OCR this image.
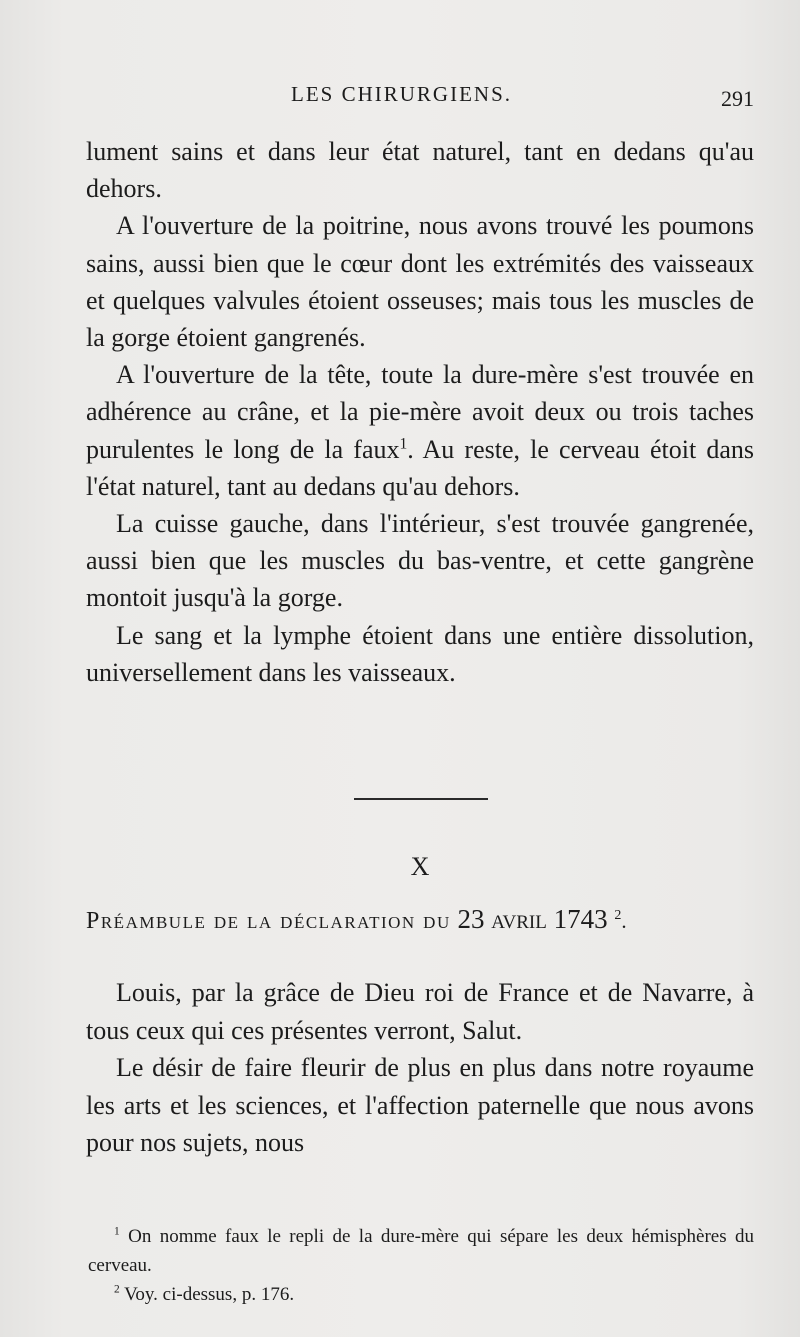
LES CHIRURGIENS.	291

lument sains et dans leur état naturel, tant en dedans qu'au dehors.

A l'ouverture de la poitrine, nous avons trouvé les poumons sains, aussi bien que le cœur dont les extrémités des vaisseaux et quelques valvules étoient osseuses; mais tous les muscles de la gorge étoient gangrenés.

A l'ouverture de la tête, toute la dure-mère s'est trouvée en adhérence au crâne, et la pie-mère avoit deux ou trois taches purulentes le long de la faux$^1$. Au reste, le cerveau étoit dans l'état naturel, tant au dedans qu'au dehors.

La cuisse gauche, dans l'intérieur, s'est trouvée gangrenée, aussi bien que les muscles du bas-ventre, et cette gangrène montoit jusqu'à la gorge.

Le sang et la lymphe étoient dans une entière dissolution, universellement dans les vaisseaux.

X
Préambule de la déclaration du 23 avril 1743 $^2$.

Louis, par la grâce de Dieu roi de France et de Navarre, à tous ceux qui ces présentes verront, Salut.

Le désir de faire fleurir de plus en plus dans notre royaume les arts et les sciences, et l'affection paternelle que nous avons pour nos sujets, nous

$^1$ On nomme faux le repli de la dure-mère qui sépare les deux hémisphères du cerveau.

$^2$ Voy. ci-dessus, p. 176.
